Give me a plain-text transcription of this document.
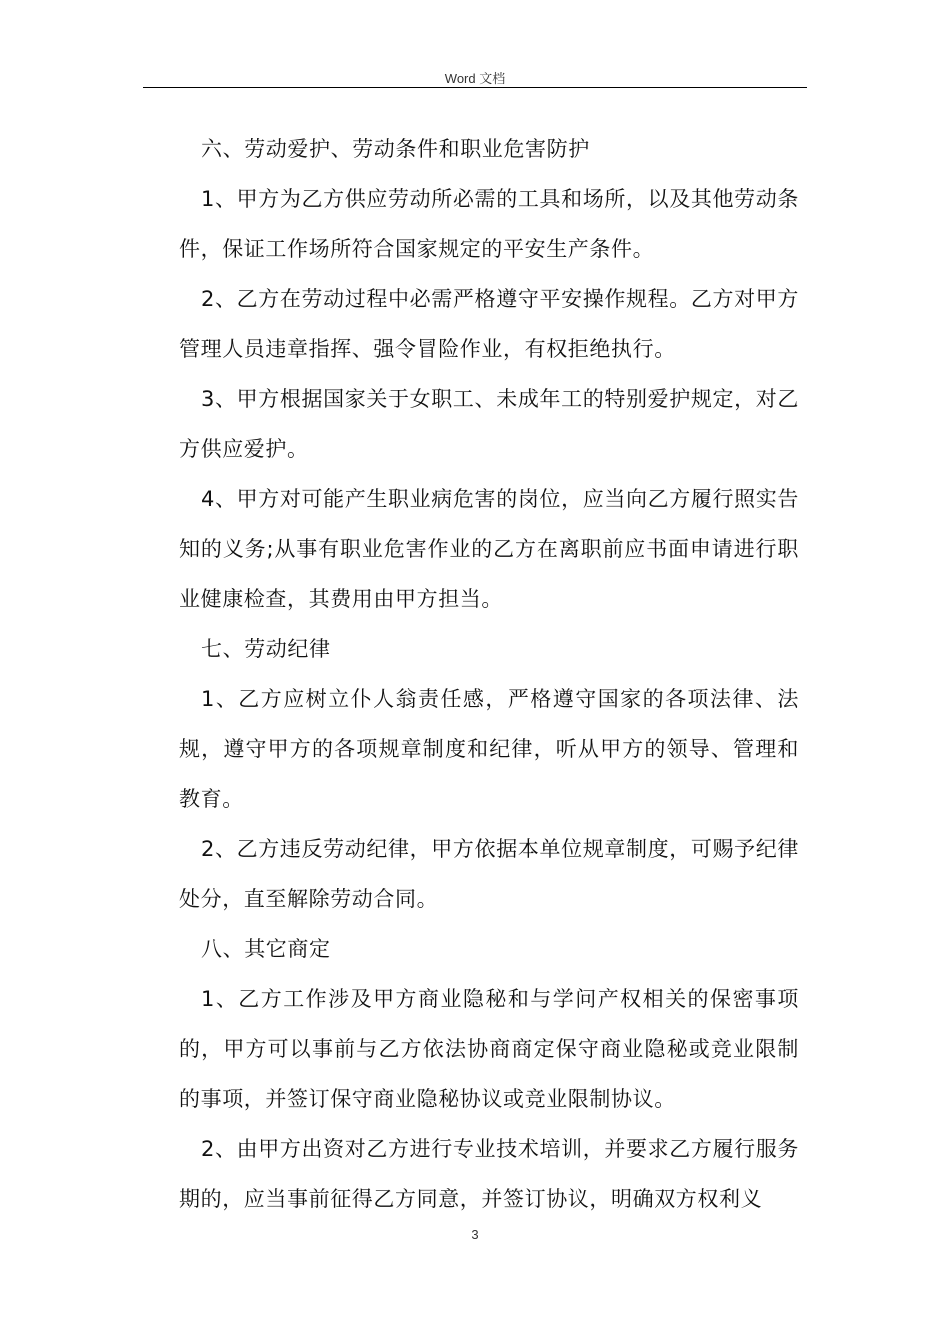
Word 文档

六、劳动爱护、劳动条件和职业危害防护

1、甲方为乙方供应劳动所必需的工具和场所，以及其他劳动条件，保证工作场所符合国家规定的平安生产条件。

2、乙方在劳动过程中必需严格遵守平安操作规程。乙方对甲方管理人员违章指挥、强令冒险作业，有权拒绝执行。

3、甲方根据国家关于女职工、未成年工的特别爱护规定，对乙方供应爱护。

4、甲方对可能产生职业病危害的岗位，应当向乙方履行照实告知的义务;从事有职业危害作业的乙方在离职前应书面申请进行职业健康检查，其费用由甲方担当。

七、劳动纪律

1、乙方应树立仆人翁责任感，严格遵守国家的各项法律、法规，遵守甲方的各项规章制度和纪律，听从甲方的领导、管理和教育。

2、乙方违反劳动纪律，甲方依据本单位规章制度，可赐予纪律处分，直至解除劳动合同。

八、其它商定

1、乙方工作涉及甲方商业隐秘和与学问产权相关的保密事项的，甲方可以事前与乙方依法协商商定保守商业隐秘或竞业限制的事项，并签订保守商业隐秘协议或竞业限制协议。

2、由甲方出资对乙方进行专业技术培训，并要求乙方履行服务期的，应当事前征得乙方同意，并签订协议，明确双方权利义

3
